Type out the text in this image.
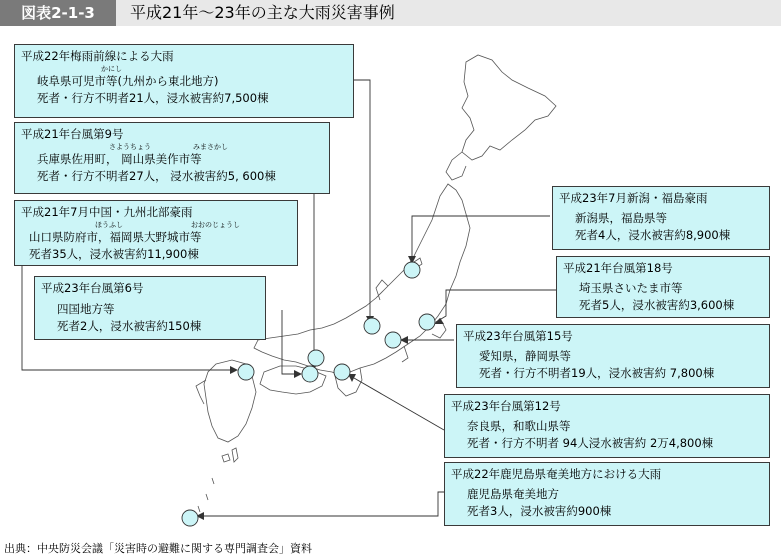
図表2-1-3	平成21年～23年の主な大雨災害事例
平成22年梅雨前線による大雨
かにし
岐阜県可児市等(九州から東北地方)
死者・行方不明者21人，浸水被害約7,500棟
平成21年台風第9号
さようちょう	みまさかし
兵庫県佐用町， 岡山県美作市等
死者・行方不明者27人， 浸水被害約5, 600棟
平成21年7月中国・九州北部豪雨
ほうふし	おおのじょうし
山口県防府市，福岡県大野城市等
死者35人，浸水被害約11,900棟
平成23年台風第6号
四国地方等
死者2人，浸水被害約150棟
平成23年7月新潟・福島豪雨
新潟県，福島県等
死者4人，浸水被害約8,900棟
平成21年台風第18号
埼玉県さいたま市等
死者5人，浸水被害約3,600棟
平成23年台風第15号
愛知県，静岡県等
死者・行方不明者19人，浸水被害約 7,800棟
平成23年台風第12号
奈良県，和歌山県等
死者・行方不明者 94人浸水被害約 2万4,800棟
平成22年鹿児島県奄美地方における大雨
鹿児島県奄美地方
死者3人，浸水被害約900棟
出典：中央防災会議「災害時の避難に関する専門調査会」資料
